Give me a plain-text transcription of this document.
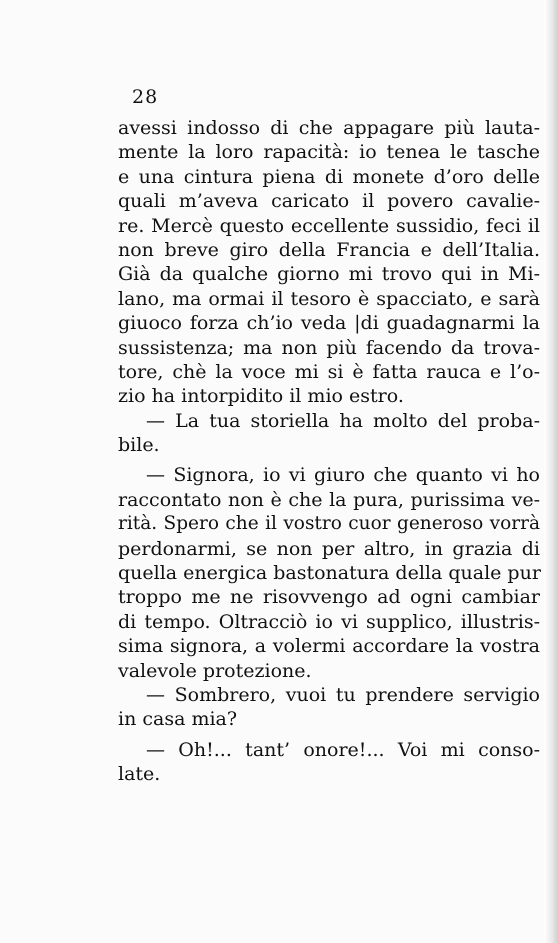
28
avessi indosso di che appagare più lauta-
mente la loro rapacità: io tenea le tasche
e una cintura piena di monete d’oro delle
quali m’aveva caricato il povero cavalie-
re. Mercè questo eccellente sussidio, feci il
non breve giro della Francia e dell’Italia.
Già da qualche giorno mi trovo qui in Mi-
lano, ma ormai il tesoro è spacciato, e sarà
giuoco forza ch’io veda |di guadagnarmi la
sussistenza; ma non più facendo da trova-
tore, chè la voce mi si è fatta rauca e l’o-
zio ha intorpidito il mio estro.
— La tua storiella ha molto del proba-
bile.
— Signora, io vi giuro che quanto vi ho
raccontato non è che la pura, purissima ve-
rità. Spero che il vostro cuor generoso vorrà
perdonarmi, se non per altro, in grazia di
quella energica bastonatura della quale pur
troppo me ne risovvengo ad ogni cambiar
di tempo. Oltracciò io vi supplico, illustris-
sima signora, a volermi accordare la vostra
valevole protezione.
— Sombrero, vuoi tu prendere servigio
in casa mia?
— Oh!... tant’ onore!... Voi mi conso-
late.
